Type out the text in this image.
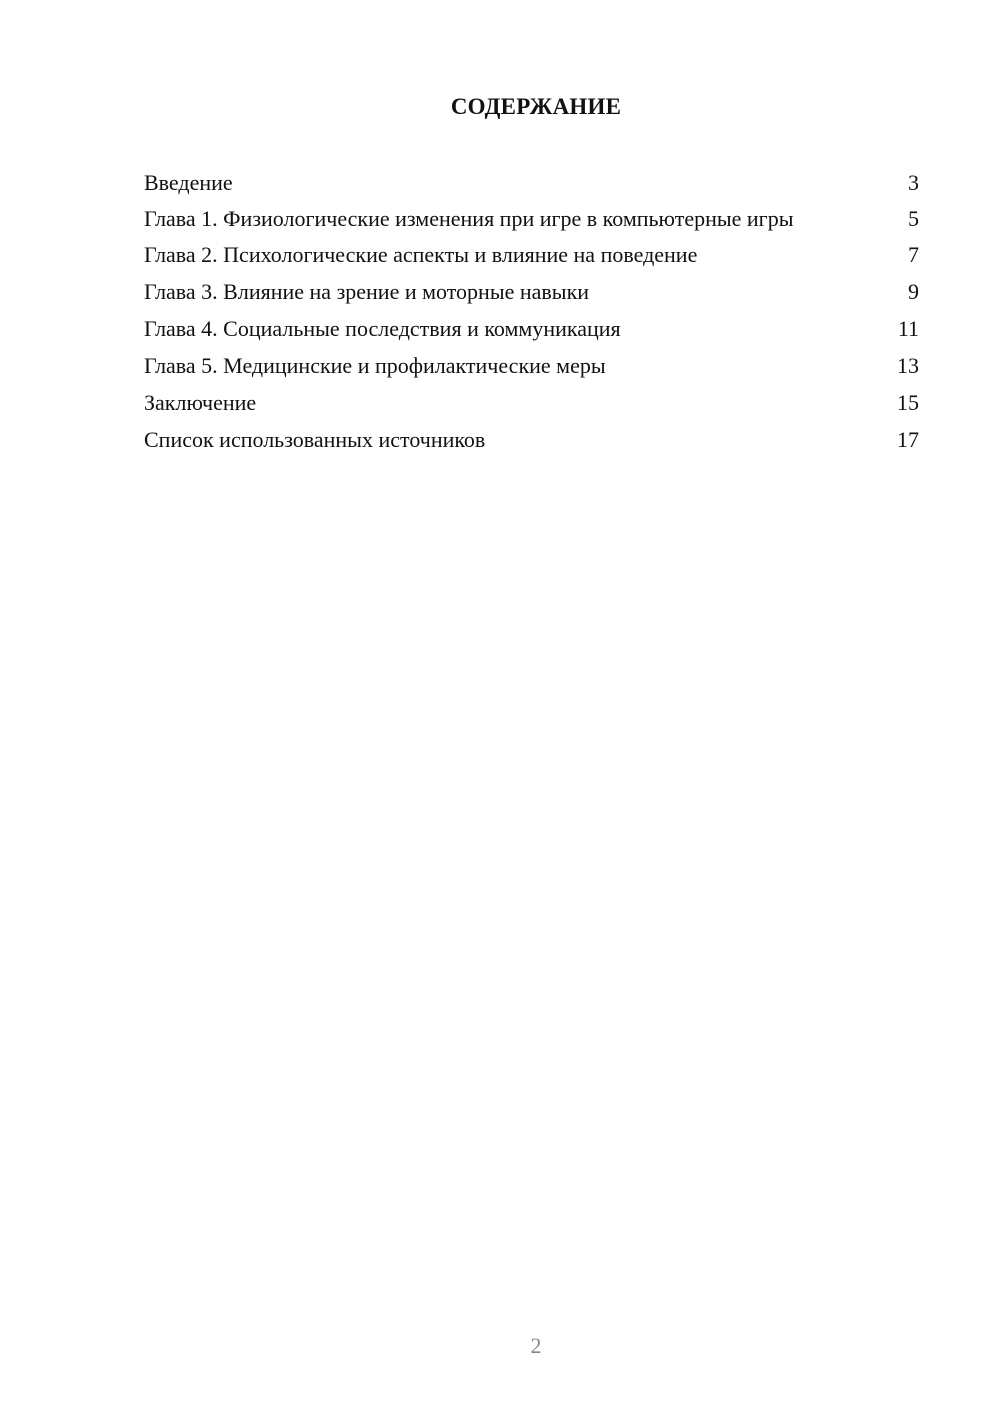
СОДЕРЖАНИЕ
Введение	3
Глава 1. Физиологические изменения при игре в компьютерные игры	5
Глава 2. Психологические аспекты и влияние на поведение	7
Глава 3. Влияние на зрение и моторные навыки	9
Глава 4. Социальные последствия и коммуникация	11
Глава 5. Медицинские и профилактические меры	13
Заключение	15
Список использованных источников	17
2
